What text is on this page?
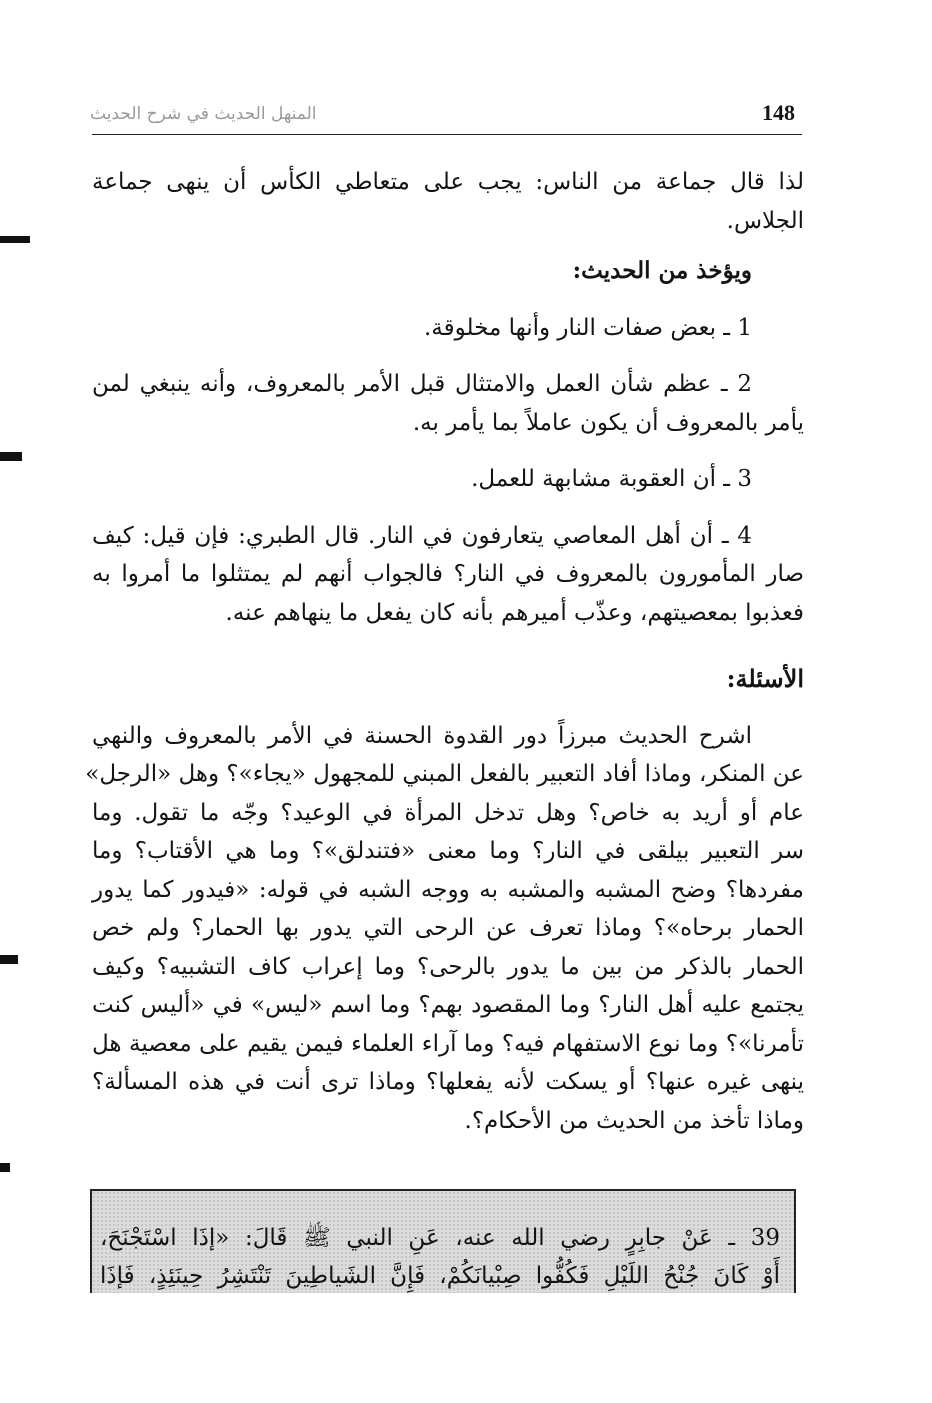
148
المنهل الحديث في شرح الحديث

لذا قال جماعة من الناس: يجب على متعاطي الكأس أن ينهى جماعة
الجلاس.

ويؤخذ من الحديث:

1 ـ بعض صفات النار وأنها مخلوقة.

2 ـ عظم شأن العمل والامتثال قبل الأمر بالمعروف، وأنه ينبغي لمن
يأمر بالمعروف أن يكون عاملاً بما يأمر به.

3 ـ أن العقوبة مشابهة للعمل.

4 ـ أن أهل المعاصي يتعارفون في النار. قال الطبري: فإن قيل: كيف
صار المأمورون بالمعروف في النار؟ فالجواب أنهم لم يمتثلوا ما أمروا به
فعذبوا بمعصيتهم، وعذّب أميرهم بأنه كان يفعل ما ينهاهم عنه.

الأسئلة:

اشرح الحديث مبرزاً دور القدوة الحسنة في الأمر بالمعروف والنهي
عن المنكر، وماذا أفاد التعبير بالفعل المبني للمجهول «يجاء»؟ وهل «الرجل»
عام أو أريد به خاص؟ وهل تدخل المرأة في الوعيد؟ وجّه ما تقول. وما
سر التعبير بيلقى في النار؟ وما معنى «فتندلق»؟ وما هي الأقتاب؟ وما
مفردها؟ وضح المشبه والمشبه به ووجه الشبه في قوله: «فيدور كما يدور
الحمار برحاه»؟ وماذا تعرف عن الرحى التي يدور بها الحمار؟ ولم خص
الحمار بالذكر من بين ما يدور بالرحى؟ وما إعراب كاف التشبيه؟ وكيف
يجتمع عليه أهل النار؟ وما المقصود بهم؟ وما اسم «ليس» في «أليس كنت
تأمرنا»؟ وما نوع الاستفهام فيه؟ وما آراء العلماء فيمن يقيم على معصية هل
ينهى غيره عنها؟ أو يسكت لأنه يفعلها؟ وماذا ترى أنت في هذه المسألة؟
وماذا تأخذ من الحديث من الأحكام؟.

39 ـ عَنْ جابِرٍ رضي الله عنه، عَنِ النبي ﷺ قَالَ: «إذَا اسْتَجْنَحَ،
أَوْ كَانَ جُنْحُ اللَيْلِ فَكُفُّوا صِبْيانَكُمْ، فَإِنَّ الشَياطِينَ تَنْتَشِرُ حِينَئِذٍ، فَإذَا
